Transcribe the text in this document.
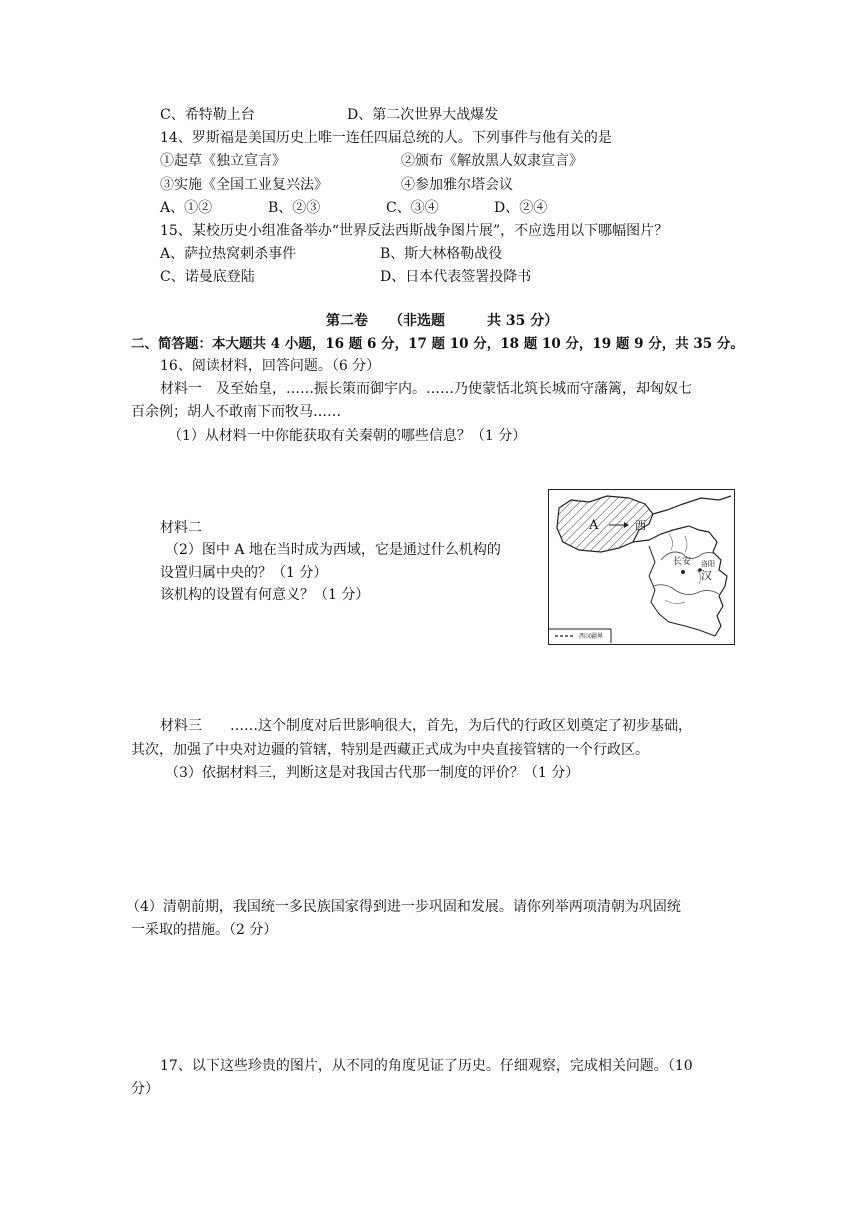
C、希特勒上台	D、第二次世界大战爆发
14、罗斯福是美国历史上唯一连任四届总统的人。下列事件与他有关的是
①起草《独立宣言》	②颁布《解放黑人奴隶宣言》
③实施《全国工业复兴法》	④参加雅尔塔会议
A、①②	B、②③	C、③④	D、②④
15、某校历史小组准备举办“世界反法西斯战争图片展”，不应选用以下哪幅图片？
A、萨拉热窝刺杀事件	B、斯大林格勒战役
C、诺曼底登陆	D、日本代表签署投降书
第二卷　　（非选题　　　共 35 分）
二、简答题：本大题共 4 小题，16 题 6 分，17 题 10 分，18 题 10 分，19 题 9 分，共 35 分。
16、阅读材料，回答问题。（6 分）
材料一　及至始皇，……振长策而御宇内。……乃使蒙恬北筑长城而守藩篱，却匈奴七
百余例；胡人不敢南下而牧马……
（1）从材料一中你能获取有关秦朝的哪些信息？（1 分）
材料二
（2）图中 A 地在当时成为西域，它是通过什么机构的
设置归属中央的？（1 分）
该机构的设置有何意义？（1 分）
A	西
长安 洛阳
汉
西汉疆界
材料三　　……这个制度对后世影响很大，首先，为后代的行政区划奠定了初步基础，
其次，加强了中央对边疆的管辖，特别是西藏正式成为中央直接管辖的一个行政区。
（3）依据材料三，判断这是对我国古代那一制度的评价？（1 分）
（4）清朝前期，我国统一多民族国家得到进一步巩固和发展。请你列举两项清朝为巩固统
一采取的措施。（2 分）
17、以下这些珍贵的图片，从不同的角度见证了历史。仔细观察，完成相关问题。（10
分）
